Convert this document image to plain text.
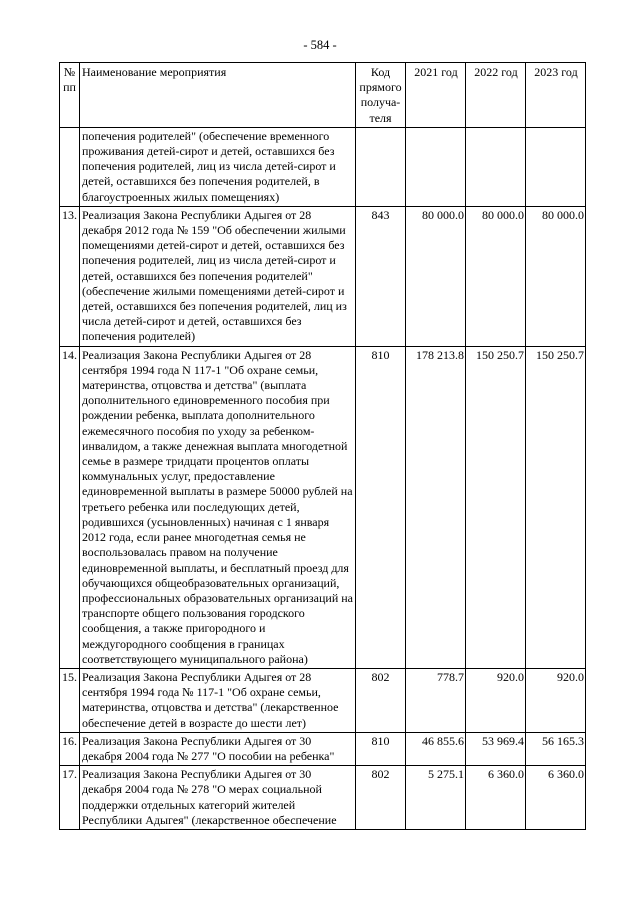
- 584 -
№ пп	Наименование мероприятия	Код прямого получа-теля	2021 год	2022 год	2023 год
	попечения родителей" (обеспечение временного проживания детей-сирот и детей, оставшихся без попечения родителей, лиц из числа детей-сирот и детей, оставшихся без попечения родителей, в благоустроенных жилых помещениях)				
13.	Реализация Закона Республики Адыгея от 28 декабря 2012 года № 159 "Об обеспечении жилыми помещениями детей-сирот и детей, оставшихся без попечения родителей, лиц из числа детей-сирот и детей, оставшихся без попечения родителей" (обеспечение жилыми помещениями детей-сирот и детей, оставшихся без попечения родителей, лиц из числа детей-сирот и детей, оставшихся без попечения родителей)	843	80 000.0	80 000.0	80 000.0
14.	Реализация Закона Республики Адыгея от 28 сентября 1994 года N 117-1 "Об охране семьи, материнства, отцовства и детства" (выплата дополнительного единовременного пособия при рождении ребенка, выплата дополнительного ежемесячного пособия по уходу за ребенком-инвалидом, а также денежная выплата многодетной семье в размере тридцати процентов оплаты коммунальных услуг, предоставление единовременной выплаты в размере 50000 рублей на третьего ребенка или последующих детей, родившихся (усыновленных) начиная с 1 января 2012 года, если ранее многодетная семья не воспользовалась правом на получение единовременной выплаты, и бесплатный проезд для обучающихся общеобразовательных организаций, профессиональных образовательных организаций на транспорте общего пользования городского сообщения, а также пригородного и междугородного сообщения в границах соответствующего муниципального района)	810	178 213.8	150 250.7	150 250.7
15.	Реализация Закона Республики Адыгея от 28 сентября 1994 года № 117-1 "Об охране семьи, материнства, отцовства и детства" (лекарственное обеспечение детей в возрасте до шести лет)	802	778.7	920.0	920.0
16.	Реализация Закона Республики Адыгея от 30 декабря 2004 года № 277 "О пособии на ребенка"	810	46 855.6	53 969.4	56 165.3
17.	Реализация Закона Республики Адыгея от 30 декабря 2004 года № 278 "О мерах социальной поддержки отдельных категорий жителей Республики Адыгея" (лекарственное обеспечение	802	5 275.1	6 360.0	6 360.0
